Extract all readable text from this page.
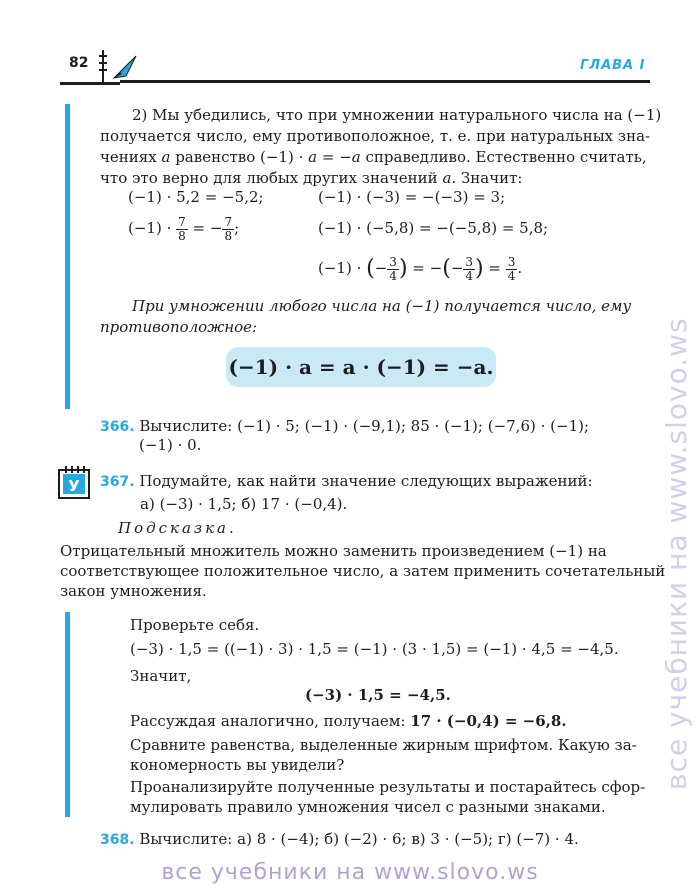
82	ГЛАВА I
2) Мы убедились, что при умножении натурального числа на (−1)
получается число, ему противоположное, т. е. при натуральных зна-
чениях a равенство (−1) · a = −a справедливо. Естественно считать,
что это верно для любых других значений a. Значит:
(−1) · 5,2 = −5,2;	(−1) · (−3) = −(−3) = 3;
$(-1) \cdot \frac{7}{8}$ = − $\frac{7}{8}$ ;	(−1) · (−5,8) = −(−5,8) = 5,8;
(−1) · (− $\frac{3}{4}$ ) = −(− $\frac{3}{4}$ ) = $\frac{3}{4}$ .
При умножении любого числа на (−1) получается число, ему
противоположное:
(−1) · a = a · (−1) = −a.
366. Вычислите: (−1) · 5; (−1) · (−9,1); 85 · (−1); (−7,6) · (−1);
(−1) · 0.
У 367. Подумайте, как найти значение следующих выражений:
а) (−3) · 1,5; б) 17 · (−0,4).
Подсказка.
Отрицательный множитель можно заменить произведением (−1) на
соответствующее положительное число, а затем применить сочетательный
закон умножения.
Проверьте себя.
(−3) · 1,5 = ((−1) · 3) · 1,5 = (−1) · (3 · 1,5) = (−1) · 4,5 = −4,5.
Значит,
(−3) · 1,5 = −4,5.
Рассуждая аналогично, получаем: 17 · (−0,4) = −6,8.
Сравните равенства, выделенные жирным шрифтом. Какую за-
кономерность вы увидели?
Проанализируйте полученные результаты и постарайтесь сфор-
мулировать правило умножения чисел с разными знаками.
368. Вычислите: а) 8 · (−4); б) (−2) · 6; в) 3 · (−5); г) (−7) · 4.
все учебники на www.slovo.ws
все учебники на www.slovo.ws
